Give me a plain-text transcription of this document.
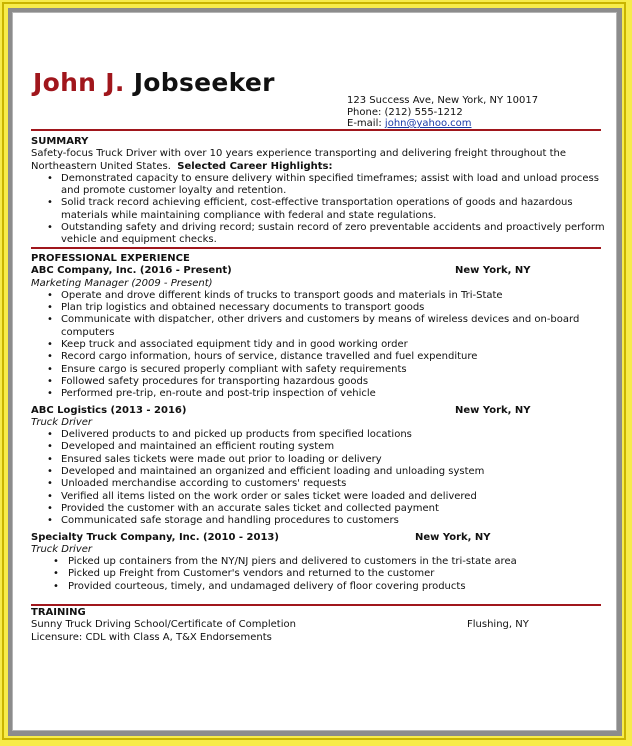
John J. Jobseeker
123 Success Ave, New York, NY 10017
Phone: (212) 555-1212
E-mail: john@yahoo.com
SUMMARY
Safety-focus Truck Driver with over 10 years experience transporting and delivering freight throughout the Northeastern United States. Selected Career Highlights:
• Demonstrated capacity to ensure delivery within specified timeframes; assist with load and unload process and promote customer loyalty and retention.
• Solid track record achieving efficient, cost-effective transportation operations of goods and hazardous materials while maintaining compliance with federal and state regulations.
• Outstanding safety and driving record; sustain record of zero preventable accidents and proactively perform vehicle and equipment checks.
PROFESSIONAL EXPERIENCE
ABC Company, Inc. (2016 - Present)	New York, NY
Marketing Manager (2009 - Present)
• Operate and drove different kinds of trucks to transport goods and materials in Tri-State
• Plan trip logistics and obtained necessary documents to transport goods
• Communicate with dispatcher, other drivers and customers by means of wireless devices and on-board computers
• Keep truck and associated equipment tidy and in good working order
• Record cargo information, hours of service, distance travelled and fuel expenditure
• Ensure cargo is secured properly compliant with safety requirements
• Followed safety procedures for transporting hazardous goods
• Performed pre-trip, en-route and post-trip inspection of vehicle
ABC Logistics (2013 - 2016)	New York, NY
Truck Driver
• Delivered products to and picked up products from specified locations
• Developed and maintained an efficient routing system
• Ensured sales tickets were made out prior to loading or delivery
• Developed and maintained an organized and efficient loading and unloading system
• Unloaded merchandise according to customers' requests
• Verified all items listed on the work order or sales ticket were loaded and delivered
• Provided the customer with an accurate sales ticket and collected payment
• Communicated safe storage and handling procedures to customers
Specialty Truck Company, Inc. (2010 - 2013)	New York, NY
Truck Driver
• Picked up containers from the NY/NJ piers and delivered to customers in the tri-state area
• Picked up Freight from Customer's vendors and returned to the customer
• Provided courteous, timely, and undamaged delivery of floor covering products
TRAINING
Sunny Truck Driving School/Certificate of Completion	Flushing, NY
Licensure: CDL with Class A, T&X Endorsements
